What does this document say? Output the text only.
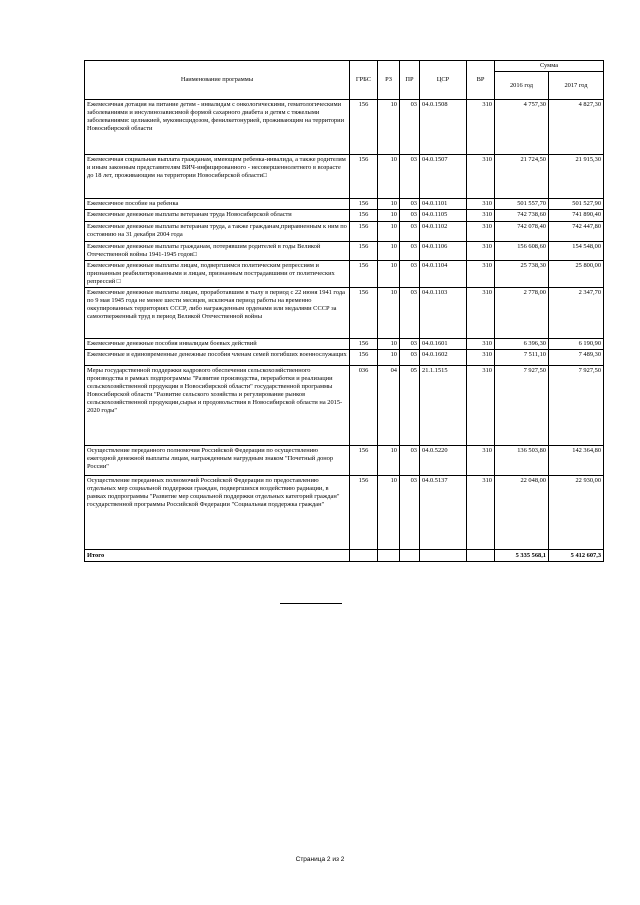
Наименование программы	ГРБС	РЗ	ПР	ЦСР	ВР	Сумма	
						2016 год	2017 год
Ежемесячная дотация на питание детям - инвалидам с онкологическими, гематологическими заболеваниями и инсулинозависимой формой сахарного диабета и детям с тяжелыми заболеваниями: целиакией, муковисцидозом, фенилкетонурией, проживающим на территории Новосибирской области	156	10	03	04.0.1508	310	4 757,30	4 827,30
Ежемесячная социальная выплата гражданам, имеющим ребенка-инвалида, а также родителям и иным законным представителям ВИЧ-инфицированного - несовершеннолетнего в возрасте до 18 лет, проживающим на территории Новосибирской области□	156	10	03	04.0.1507	310	21 724,50	21 915,30
Ежемесячное пособие на ребенка	156	10	03	04.0.1101	310	501 557,70	501 527,90
Ежемесячные денежные выплаты ветеранам труда Новосибирской области	156	10	03	04.0.1105	310	742 738,60	741 890,40
Ежемесячные денежные выплаты ветеранам труда, а также гражданам,приравненным к ним по состоянию на 31 декабря 2004 года	156	10	03	04.0.1102	310	742 078,40	742 447,80
Ежемесячные денежные выплаты гражданам, потерявшим родителей в годы Великой Отечественной войны 1941-1945 годов□	156	10	03	04.0.1106	310	156 608,60	154 548,00
Ежемесячные денежные выплаты лицам, подвергшимся политическим репрессиям и признанным реабилитированными и лицам, признанным пострадавшими от политических репрессий □	156	10	03	04.0.1104	310	25 738,30	25 800,00
Ежемесячные денежные выплаты лицам, проработавшим в тылу в период с 22 июня 1941 года по 9 мая 1945 года не менее шести месяцев, исключая период работы на временно оккупированных территориях СССР, либо награжденным орденами или медалями СССР за самоотверженный труд в период Великой Отечественной войны	156	10	03	04.0.1103	310	2 778,00	2 347,70
Ежемесячные денежные пособия инвалидам боевых действий	156	10	03	04.0.1601	310	6 396,30	6 190,90
Ежемесячные и единовременные денежные пособия членам семей погибших военнослужащих	156	10	03	04.0.1602	310	7 511,10	7 489,30
Меры государственной поддержки кадрового обеспечения сельскохозяйственного производства в рамках подпрограммы "Развитие производства, переработки и реализации сельскохозяйственной продукции в Новосибирской области" государственной программы Новосибирской области "Развитие сельского хозяйства и регулирование рынков сельскохозяйственной продукции,сырья и продовольствия в Новосибирской области на 2015-2020 годы"	036	04	05	21.1.1515	310	7 927,50	7 927,50
Осуществление переданного полномочия Российской Федерации по осуществлению ежегодной денежной выплаты лицам, награжденным нагрудным знаком "Почетный донор России"	156	10	03	04.0.5220	310	136 503,80	142 364,80
Осуществление переданных полномочий Российской Федерации по предоставлению отдельных мер социальной поддержки граждан, подвергшихся воздействию радиации, в рамках подпрограммы "Развитие мер социальной поддержки отдельных категорий граждан" государственной программы Российской Федерации "Социальная поддержка граждан"	156	10	03	04.0.5137	310	22 048,00	22 930,00
Итого						5 335 568,1	5 412 607,3
Страница 2 из 2
